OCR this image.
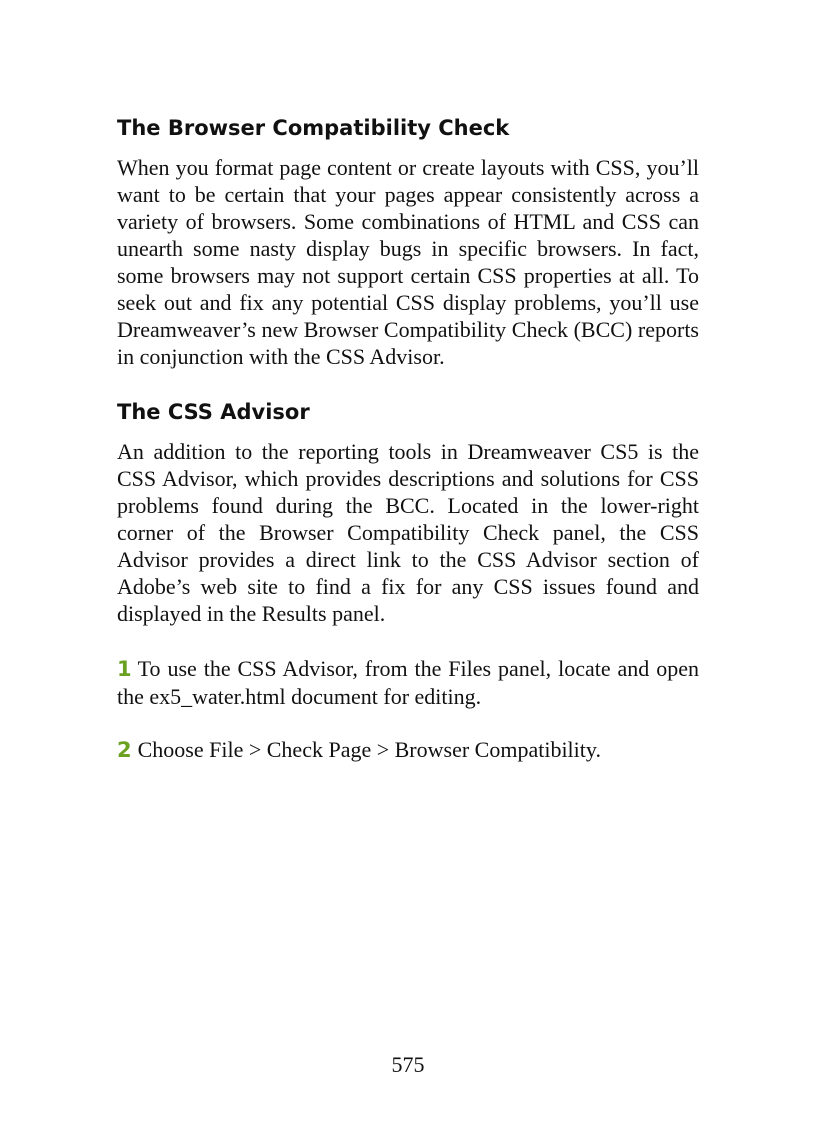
The Browser Compatibility Check

When you format page content or create layouts with CSS, you’ll want to be certain that your pages appear consistently across a variety of browsers. Some combinations of HTML and CSS can unearth some nasty display bugs in specific browsers. In fact, some browsers may not support certain CSS properties at all. To seek out and fix any potential CSS display problems, you’ll use Dreamweaver’s new Browser Compatibility Check (BCC) reports in conjunction with the CSS Advisor.

The CSS Advisor

An addition to the reporting tools in Dreamweaver CS5 is the CSS Advisor, which provides descriptions and solutions for CSS problems found during the BCC. Located in the lower-right corner of the Browser Compatibility Check panel, the CSS Advisor provides a direct link to the CSS Advisor section of Adobe’s web site to find a fix for any CSS issues found and displayed in the Results panel.

1 To use the CSS Advisor, from the Files panel, locate and open the ex5_water.html document for editing.

2 Choose File > Check Page > Browser Compatibility.

575
